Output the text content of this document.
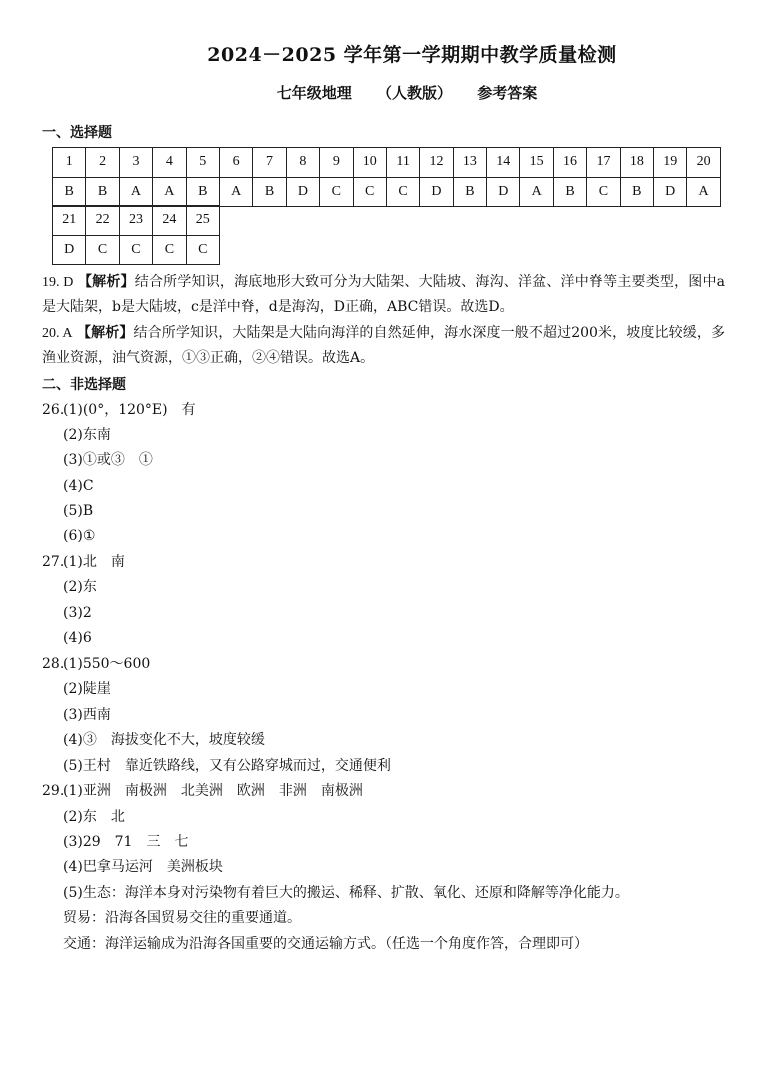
2024－2025 学年第一学期期中教学质量检测
七年级地理 （人教版） 参考答案
一、选择题
1	2	3	4	5	6	7	8	9	10	11	12	13	14	15	16	17	18	19	20
B	B	A	A	B	A	B	D	C	C	C	D	B	D	A	B	C	B	D	A
21	22	23	24	25
D	C	C	C	C
19. D 【解析】结合所学知识，海底地形大致可分为大陆架、大陆坡、海沟、洋盆、洋中脊等主要类型，图中a是大陆架，b是大陆坡，c是洋中脊，d是海沟，D正确，ABC错误。故选D。
20. A 【解析】结合所学知识，大陆架是大陆向海洋的自然延伸，海水深度一般不超过200米，坡度比较缓，多渔业资源，油气资源，①③正确，②④错误。故选A。
二、非选择题
26.
(1)(0°，120°E)　有
(2)东南
(3)①或③　①
(4)C
(5)B
(6)①
27.
(1)北　南
(2)东
(3)2
(4)6
28.
(1)550～600
(2)陡崖
(3)西南
(4)③　海拔变化不大，坡度较缓
(5)王村　靠近铁路线，又有公路穿城而过，交通便利
29.
(1)亚洲　南极洲　北美洲　欧洲　非洲　南极洲
(2)东　北
(3)29　71　三　七
(4)巴拿马运河　美洲板块
(5)生态：海洋本身对污染物有着巨大的搬运、稀释、扩散、氧化、还原和降解等净化能力。
贸易：沿海各国贸易交往的重要通道。
交通：海洋运输成为沿海各国重要的交通运输方式。（任选一个角度作答，合理即可）
